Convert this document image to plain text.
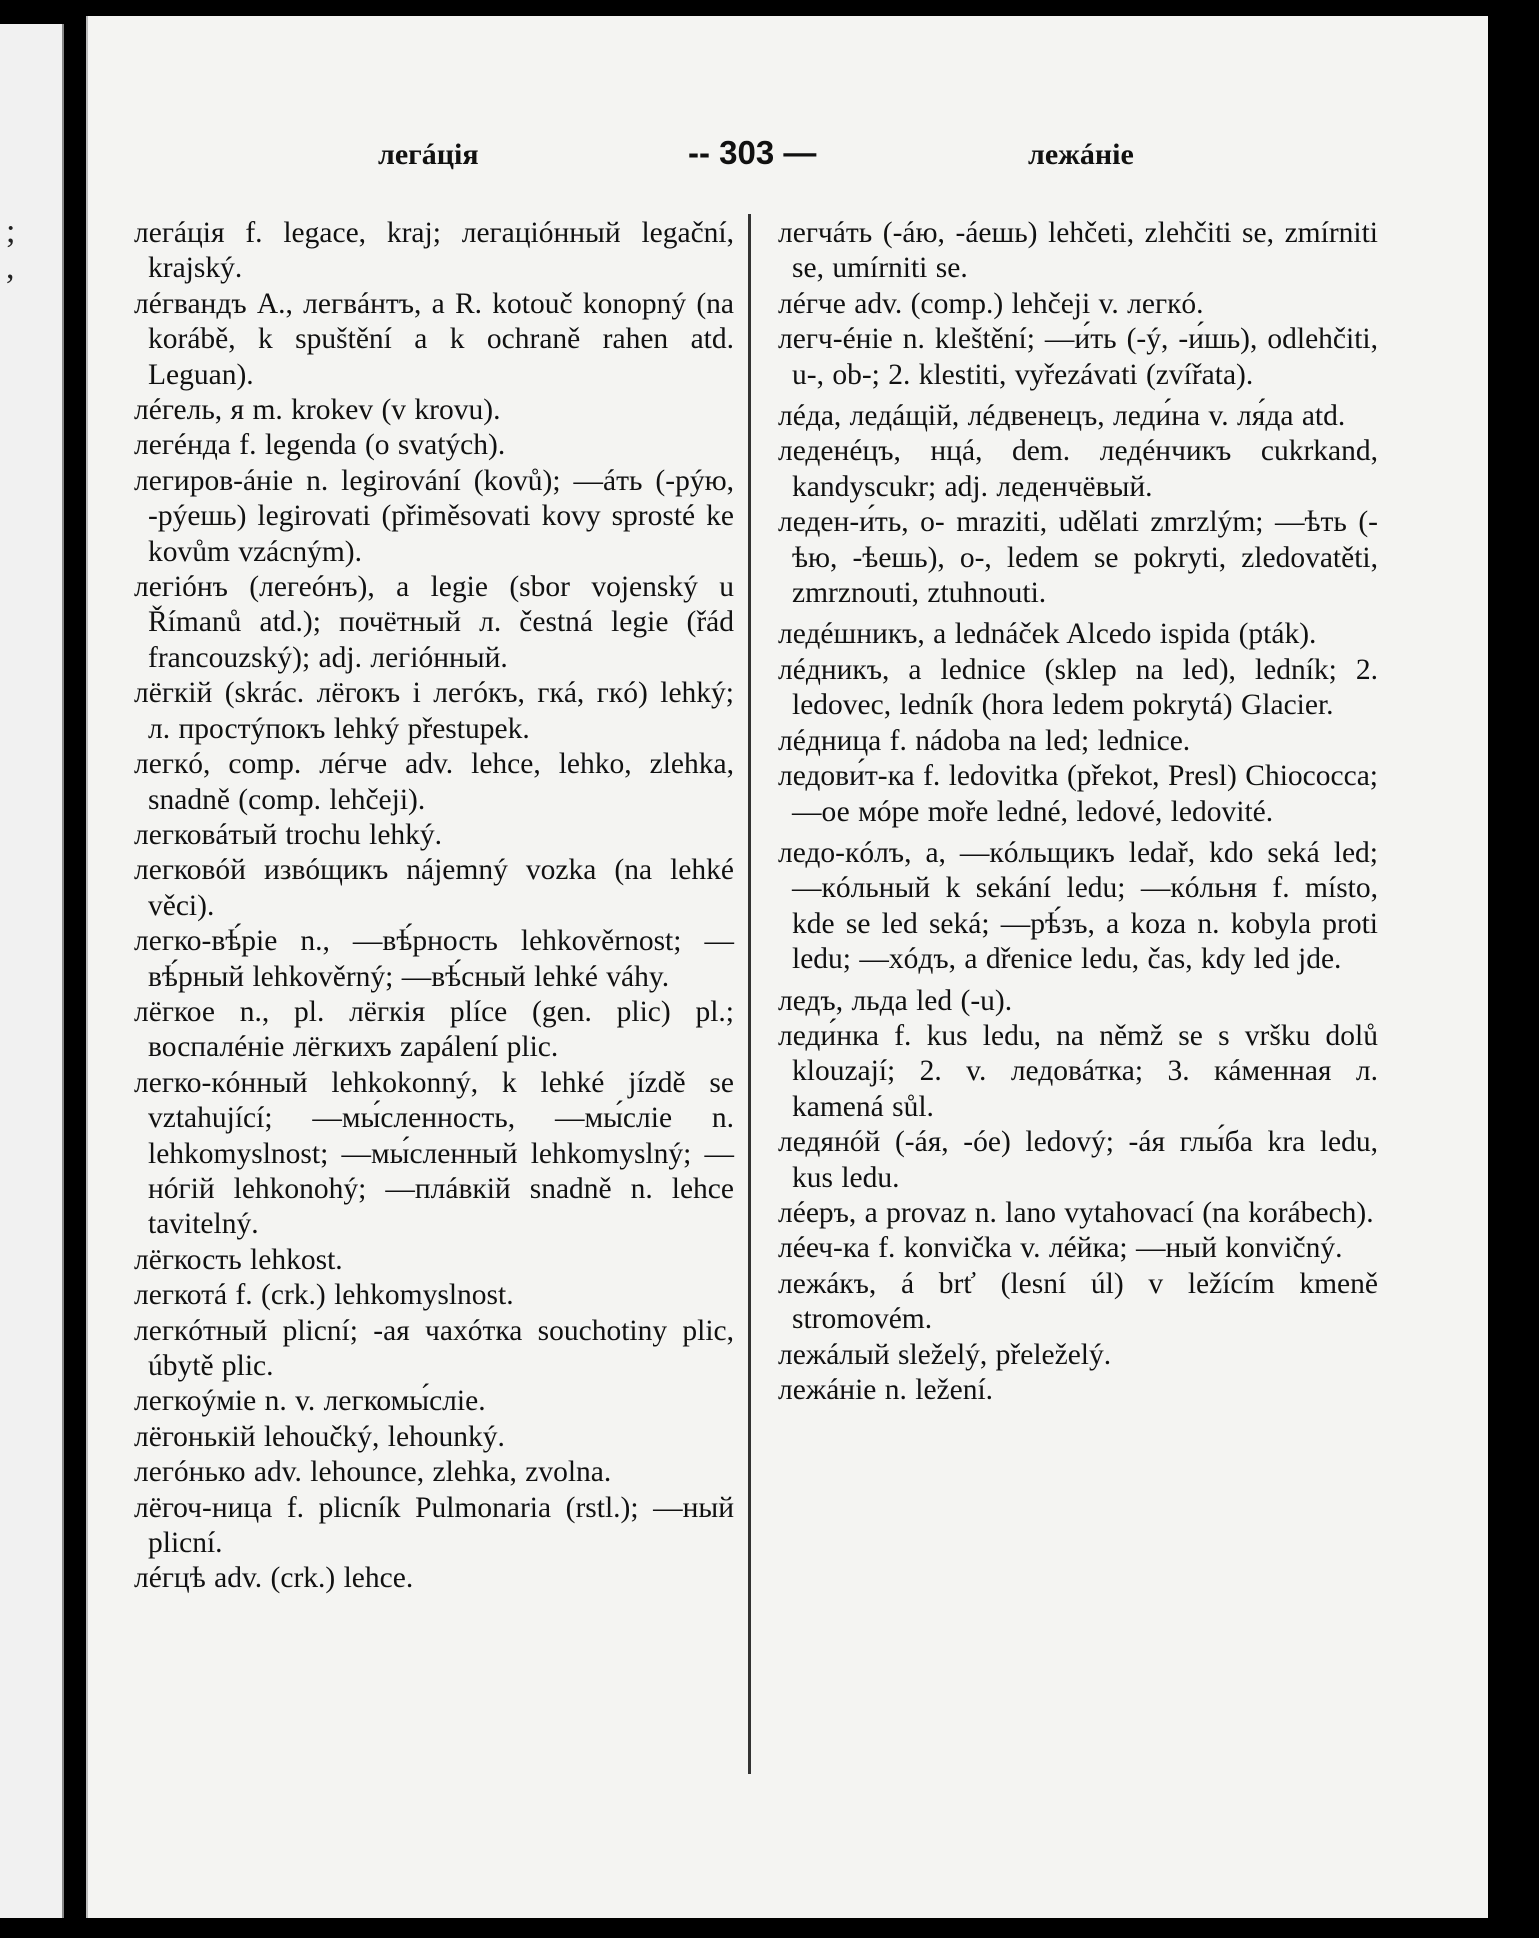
;
,
легáція	-- 303 —	лежáніе

легáція f. legace, kraj; легаціóнный legační, krajský.

лéгвандъ A., легвáнтъ, a R. kotouč konopný (na korábě, k spuštění a k ochraně rahen atd. Leguan).

лéгель, я m. krokev (v krovu).

легéнда f. legenda (o svatých).

легиров-áніе n. legirování (kovů); —áть (-рýю, -рýешь) legirovati (přiměsovati kovy sprosté ke kovům vzácným).

легіóнъ (легеóнъ), a legie (sbor vojenský u Římanů atd.); почётный л. čestná legie (řád francouzský); adj. легіóнный.

лёгкій (skrác. лёгокъ i легóкъ, гкá, гкó) lehký; л. простýпокъ lehký přestupek.

легкó, comp. лéгче adv. lehce, lehko, zlehka, snadně (comp. lehčeji).

легковáтый trochu lehký.

легковóй извóщикъ nájemný vozka (na lehké věci).

легко-вѣ́ріе n., —вѣ́рность lehkověrnost; —вѣ́рный lehkověrný; —вѣ́сный lehké váhy.

лёгкое n., pl. лёгкія plíce (gen. plic) pl.; воспалéніе лёгкихъ zapálení plic.

легко-кóнный lehkokonný, k lehké jízdě se vztahující; —мы́сленность, —мы́сліе n. lehkomyslnost; —мы́сленный lehkomyslný; —нóгій lehkonohý; —плáвкій snadně n. lehce tavitelný.

лёгкость lehkost.

легкотá f. (crk.) lehkomyslnost.

легкóтный plicní; -ая чахóтка souchotiny plic, úbytě plic.

легкоýміе n. v. легкомы́сліе.

лёгонькій lehoučký, lehounký.

легóнько adv. lehounce, zlehka, zvolna.

лёгоч-ница f. plicník Pulmonaria (rstl.); —ный plicní.

лéгцѣ adv. (crk.) lehce.

легчáть (-áю, -áешь) lehčeti, zlehčiti se, zmírniti se, umírniti se.

лéгче adv. (comp.) lehčeji v. легкó.

легч-éніе n. kleštění; —и́ть (-ý, -и́шь), odlehčiti, u-, ob-; 2. klestiti, vyřezávati (zvířata).

лéда, ледáщій, лéдвенецъ, леди́на v. ля́да atd.

леденéцъ, нцá, dem. ледéнчикъ cukrkand, kandyscukr; adj. леденчёвый.

леден-и́ть, о- mraziti, udělati zmrzlým; —ѣть (-ѣю, -ѣешь), о-, ledem se pokryti, zledovatěti, zmrznouti, ztuhnouti.

ледéшникъ, a lednáček Alcedo ispida (pták).

лéдникъ, a lednice (sklep na led), ledník; 2. ledovec, ledník (hora ledem pokrytá) Glacier.

лéдница f. nádoba na led; lednice.

ледови́т-ка f. ledovitka (překot, Presl) Chiococca; —ое мóре moře ledné, ledové, ledovité.

ледо-кóлъ, a, —кóльщикъ ledař, kdo seká led; —кóльный k sekání ledu; —кóльня f. místo, kde se led seká; —рѣ́зъ, a koza n. kobyla proti ledu; —хóдъ, a dřenice ledu, čas, kdy led jde.

ледъ, льда led (-u).

леди́нка f. kus ledu, na němž se s vršku dolů klouzají; 2. v. ледовáтка; 3. кáменная л. kamená sůl.

ледянóй (-áя, -óе) ledový; -áя глы́ба kra ledu, kus ledu.

лéеръ, a provaz n. lano vytahovací (na korábech).

лéеч-ка f. konvička v. лéйка; —ный konvičný.

лежáкъ, á brť (lesní úl) v ležícím kmeně stromovém.

лежáлый sleželý, přeleželý.

лежáніе n. ležení.
